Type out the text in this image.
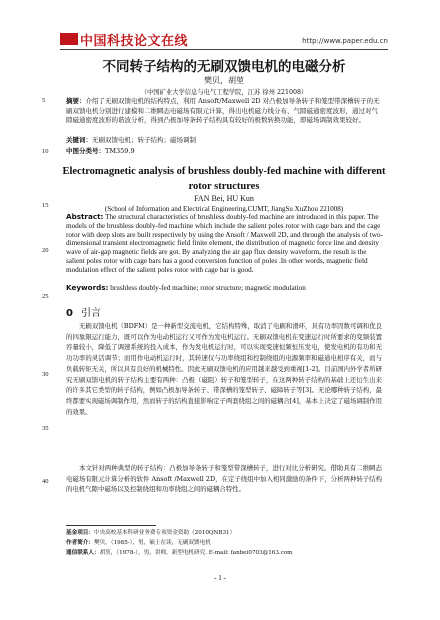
中国科技论文在线	http://www.paper.edu.cn
不同转子结构的无刷双馈电机的电磁分析
樊贝，胡堃
（中国矿业大学信息与电气工程学院，江苏 徐州 221008）
摘要：介绍了无刷双馈电机的结构特点，利用 Ansoft/Maxwell 2D 对凸极加导条转子和笼型带深槽转子的无刷双馈电机分别进行建模和二维瞬态电磁场有限元计算，得出电机磁力线分布、气隙磁通密度波形，通过对气隙磁通密度波形的谐波分析，得到凸极加导条转子结构具有较好的极数转换功能，即磁场调制效果较好。
关键词：无刷双馈电机；转子结构；磁场调制
中图分类号：TM359.9
Electromagnetic analysis of brushless doubly-fed machine with different rotor structures
FAN Bei, HU Kun
(School of Information and Electrical Engineering,CUMT, JiangSu XuZhou 221008)
Abstract: The structural characteristics of brushless doubly-fed machine are introduced in this paper. The models of the brushless doubly-fed machine which include the salient poles rotor with cage bars and the cage rotor with deep slots are built respectively by using the Ansoft / Maxwell 2D, and through the analysis of two-dimensional transient electromagnetic field finite element, the distribution of magnetic force line and density wave of air-gap magnetic fields are got. By analyzing the air gap flux density waveform, the result is the salient poles rotor with cage bars has a good conversion function of poles .In other words, magnetic field modulation effect of the salient poles rotor with cage bar is good.
Keywords: brushless doubly-fed machine; rotor structure; magnetic modulation
0 引言
无刷双馈电机（BDFM）是一种新型交流电机，它结构特殊，取消了电刷和滑环，具有功率因数可调和优良的四象限运行能力，既可以作为电动机运行又可作为发电机运行。无刷双馈电机在变速运行时所要求的变频装置容量较小，降低了调速系统的投入成本，作为发电机运行时，可以实现变速恒频恒压发电，使发电机的有功和无功功率的灵活调节；而用作电动机运行时，其转速仅与功率绕组和控制绕组的电源频率和磁通电相序有关，而与负载转矩无关，所以具有良好的机械特性。因此无刷双馈电机的应用越来越受到重视[1-2]。目前国内外学者所研究无刷双馈电机的转子结构主要有两种：凸极（磁阻）转子和笼型转子，在这两种转子结构的基础上还衍生出来的许多其它类型的转子结构，例如凸极加导条转子、带深槽的笼型转子、磁障转子等[3]。无论哪种转子结构，最终都要实现磁场调制作用，然而转子的结构直接影响定子两套绕组之间的磁耦合[4]，基本上决定了磁场调制作用的效果。
本文针对两种典型的转子结构：凸极加导条转子和笼型带深槽转子，进行对比分析研究。借助具有二维瞬态电磁场有限元计算分析的软件 Ansoft /Maxwell 2D，在定子绕组中加入相同激励的条件下，分析两种转子结构的电机气隙中磁场以及控制绕组和功率绕组之间的磁耦合特性。
5
10
15
20
25
30
35
40
基金项目：中央高校基本科研业务费专项资金资助（2010QNB31）
作者简介：樊贝，（1985-），男，硕士在读，无刷双馈电机
通信联系人：胡堃，（1978-），男，讲师，新型电机研究. E-mail: fanbei0703@163.com
- 1 -
